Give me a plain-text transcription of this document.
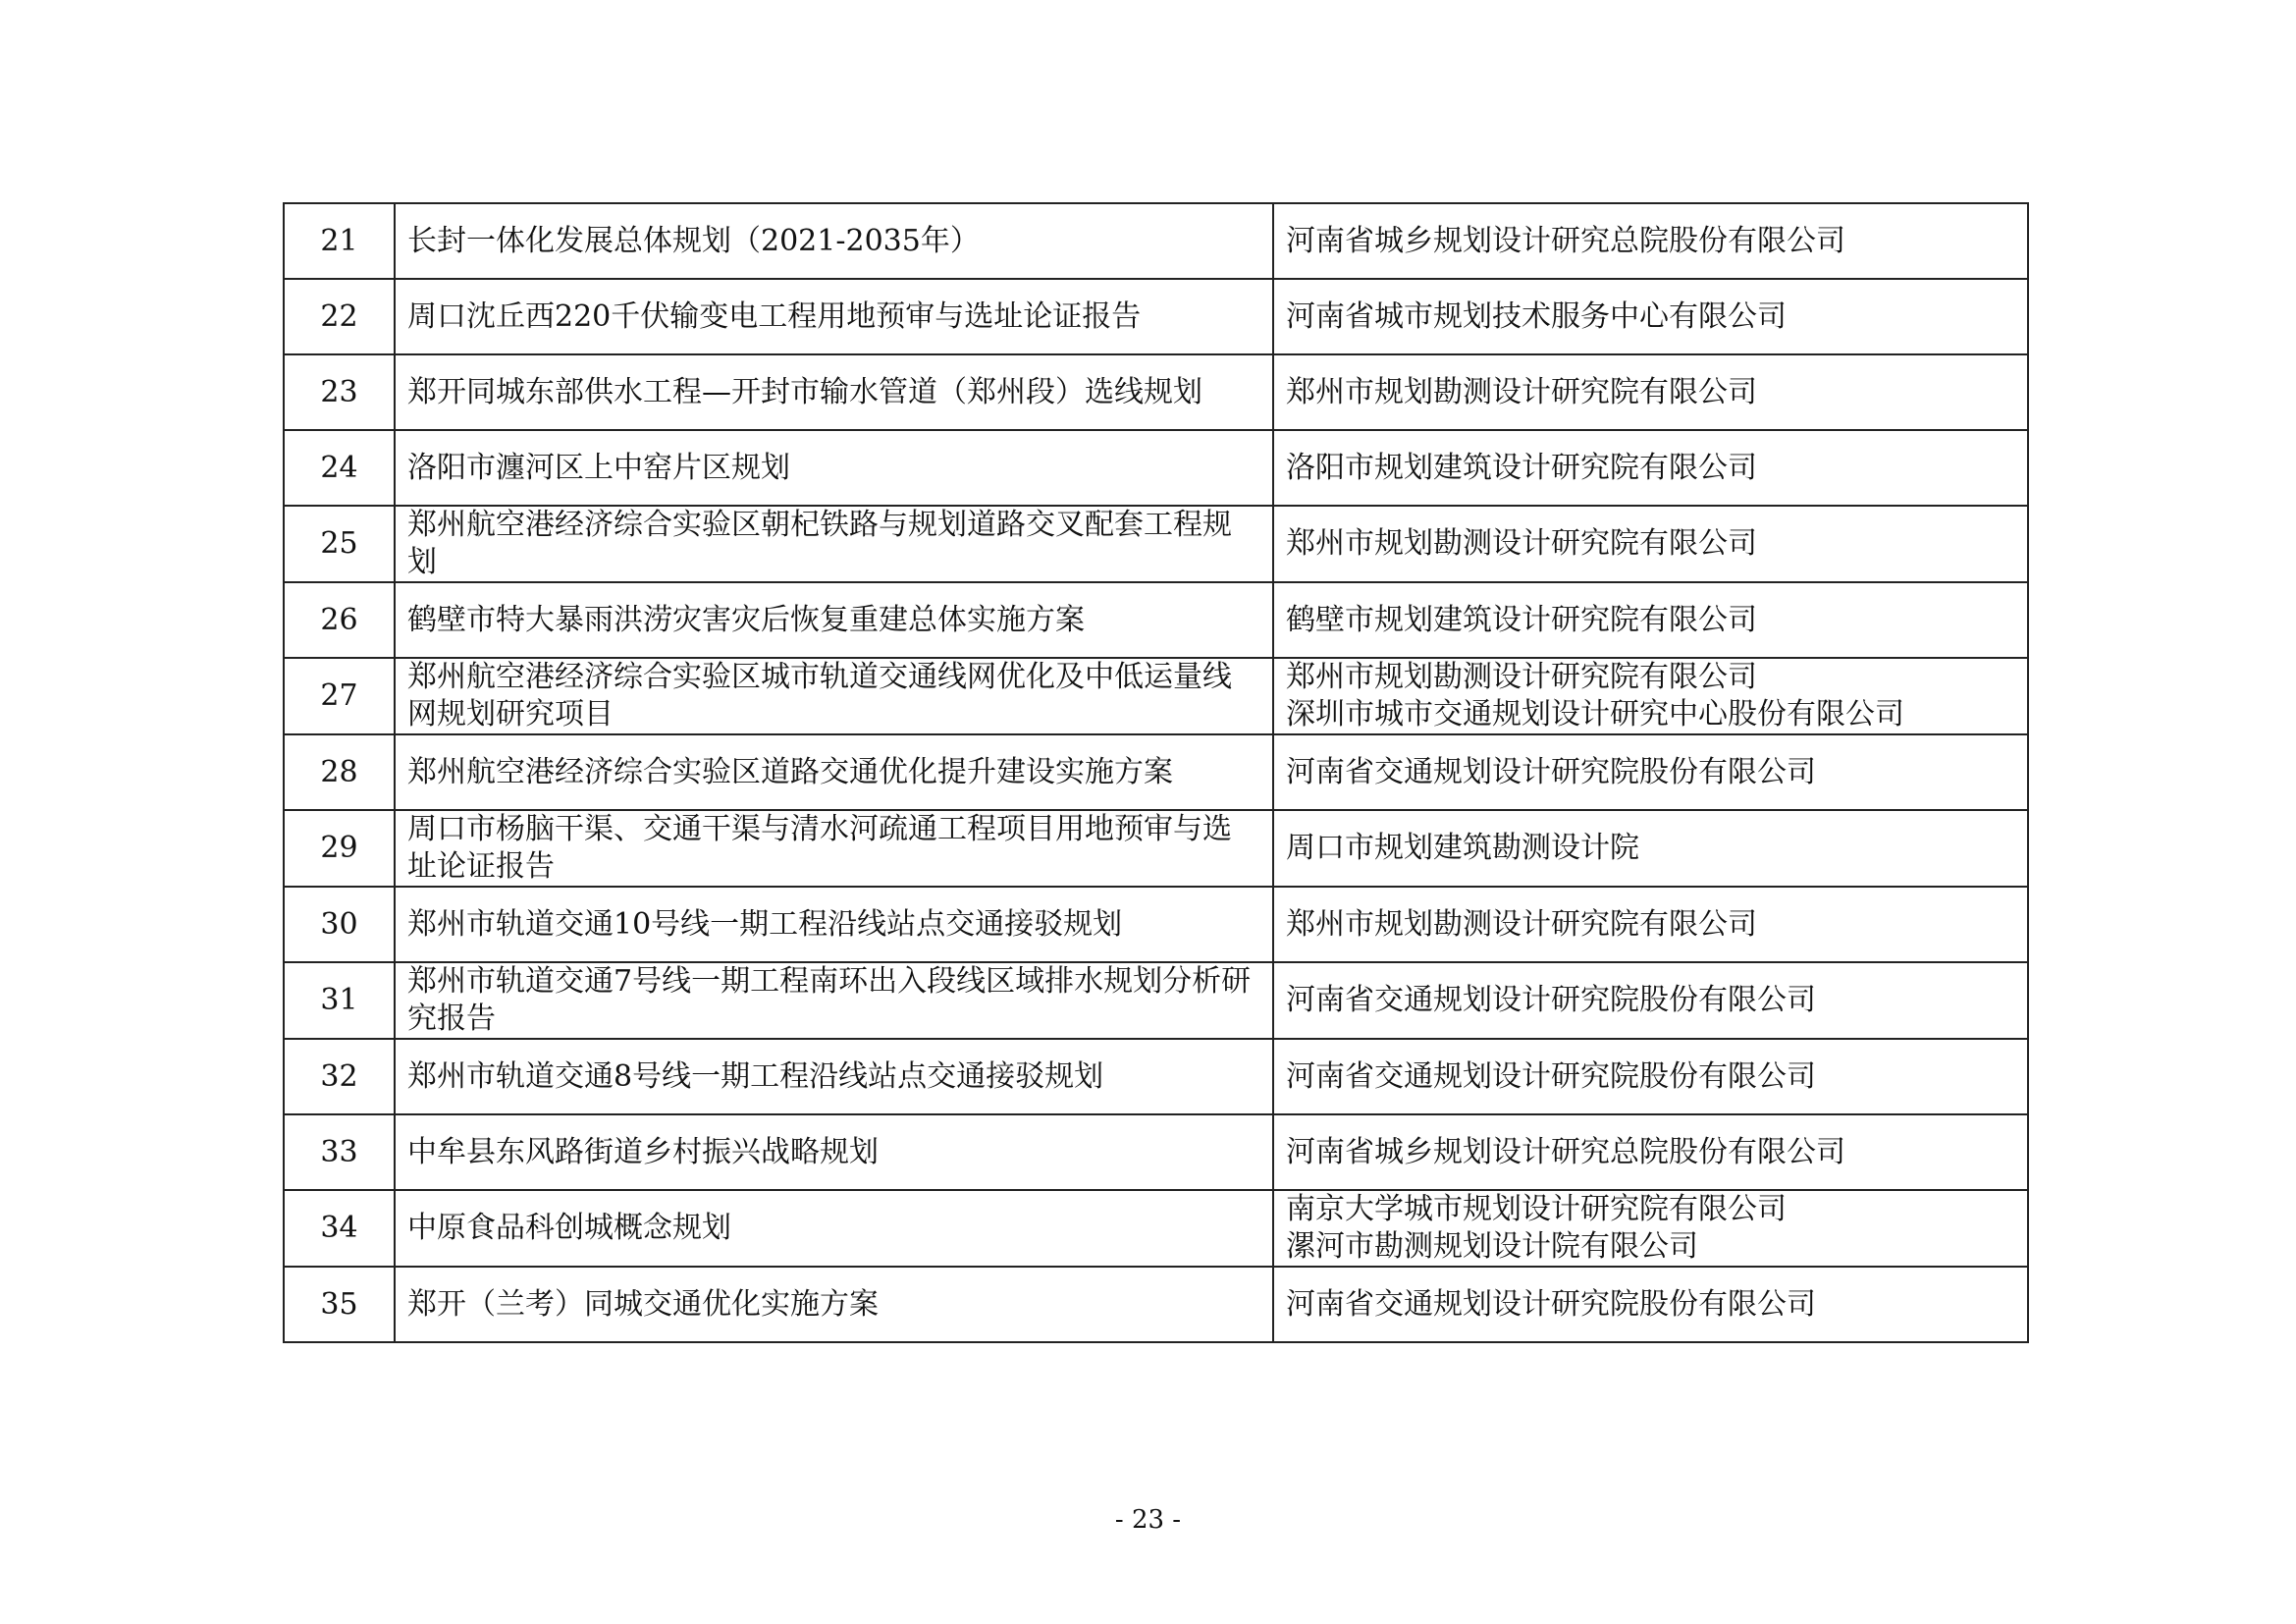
21	长封一体化发展总体规划（2021-2035年）	河南省城乡规划设计研究总院股份有限公司

22	周口沈丘西220千伏输变电工程用地预审与选址论证报告	河南省城市规划技术服务中心有限公司

23	郑开同城东部供水工程—开封市输水管道（郑州段）选线规划	郑州市规划勘测设计研究院有限公司

24	洛阳市瀍河区上中窑片区规划	洛阳市规划建筑设计研究院有限公司

25	郑州航空港经济综合实验区朝杞铁路与规划道路交叉配套工程规划	郑州市规划勘测设计研究院有限公司

26	鹤壁市特大暴雨洪涝灾害灾后恢复重建总体实施方案	鹤壁市规划建筑设计研究院有限公司

27	郑州航空港经济综合实验区城市轨道交通线网优化及中低运量线网规划研究项目	郑州市规划勘测设计研究院有限公司
深圳市城市交通规划设计研究中心股份有限公司

28	郑州航空港经济综合实验区道路交通优化提升建设实施方案	河南省交通规划设计研究院股份有限公司

29	周口市杨脑干渠、交通干渠与清水河疏通工程项目用地预审与选址论证报告	周口市规划建筑勘测设计院

30	郑州市轨道交通10号线一期工程沿线站点交通接驳规划	郑州市规划勘测设计研究院有限公司

31	郑州市轨道交通7号线一期工程南环出入段线区域排水规划分析研究报告	河南省交通规划设计研究院股份有限公司

32	郑州市轨道交通8号线一期工程沿线站点交通接驳规划	河南省交通规划设计研究院股份有限公司

33	中牟县东风路街道乡村振兴战略规划	河南省城乡规划设计研究总院股份有限公司

34	中原食品科创城概念规划	南京大学城市规划设计研究院有限公司
漯河市勘测规划设计院有限公司

35	郑开（兰考）同城交通优化实施方案	河南省交通规划设计研究院股份有限公司
- 23 -
